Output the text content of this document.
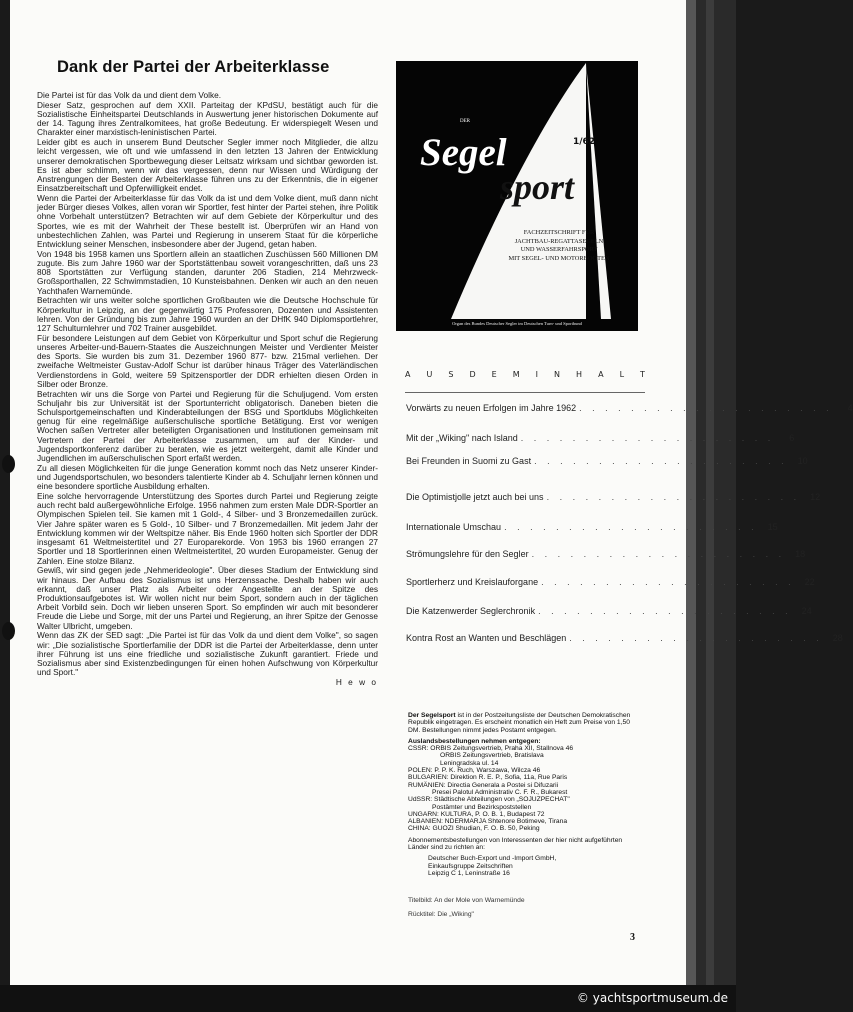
© yachtsportmuseum.de
Dank der Partei der Arbeiterklasse

Die Partei ist für das Volk da und dient dem Volke.

Dieser Satz, gesprochen auf dem XXII. Parteitag der KPdSU, bestätigt auch für die Sozialistische Einheitspartei Deutschlands in Auswertung jener historischen Dokumente auf der 14. Tagung ihres Zentralkomitees, hat große Bedeutung. Er widerspiegelt Wesen und Charakter einer marxistisch-leninistischen Partei.

Leider gibt es auch in unserem Bund Deutscher Segler immer noch Mitglieder, die allzu leicht vergessen, wie oft und wie umfassend in den letzten 13 Jahren der Entwicklung unserer demokratischen Sportbewegung dieser Leitsatz wirksam und sichtbar geworden ist. Es ist aber schlimm, wenn wir das vergessen, denn nur Wissen und Würdigung der Anstrengungen der Besten der Arbeiterklasse führen uns zu der Erkenntnis, die in eigener Einsatzbereitschaft und Opferwilligkeit endet.

Wenn die Partei der Arbeiterklasse für das Volk da ist und dem Volke dient, muß dann nicht jeder Bürger dieses Volkes, allen voran wir Sportler, fest hinter der Partei stehen, ihre Politik ohne Vorbehalt unterstützen? Betrachten wir auf dem Gebiete der Körperkultur und des Sportes, wie es mit der Wahrheit der These bestellt ist. Überprüfen wir an Hand von unbestechlichen Zahlen, was Partei und Regierung in unserem Staat für die körperliche Entwicklung seiner Menschen, insbesondere aber der Jugend, getan haben.

Von 1948 bis 1958 kamen uns Sportlern allein an staatlichen Zuschüssen 560 Millionen DM zugute. Bis zum Jahre 1960 war der Sportstättenbau soweit vorangeschritten, daß uns 23 808 Sportstätten zur Verfügung standen, darunter 206 Stadien, 214 Mehrzweck-Großsporthallen, 22 Schwimmstadien, 10 Kunsteisbahnen. Denken wir auch an den neuen Yachthafen Warnemünde.

Betrachten wir uns weiter solche sportlichen Großbauten wie die Deutsche Hochschule für Körperkultur in Leipzig, an der gegenwärtig 175 Professoren, Dozenten und Assistenten lehren. Von der Gründung bis zum Jahre 1960 wurden an der DHfK 940 Diplomsportlehrer, 127 Schulturnlehrer und 702 Trainer ausgebildet.

Für besondere Leistungen auf dem Gebiet von Körperkultur und Sport schuf die Regierung unseres Arbeiter-und-Bauern-Staates die Auszeichnungen Meister und Verdienter Meister des Sports. Sie wurden bis zum 31. Dezember 1960 877- bzw. 215mal verliehen. Der zweifache Weltmeister Gustav-Adolf Schur ist darüber hinaus Träger des Vaterländischen Verdienstordens in Gold, weitere 59 Spitzensportler der DDR erhielten diesen Orden in Silber oder Bronze.

Betrachten wir uns die Sorge von Partei und Regierung für die Schuljugend. Vom ersten Schuljahr bis zur Universität ist der Sportunterricht obligatorisch. Daneben bieten die Schulsportgemeinschaften und Kinderabteilungen der BSG und Sportklubs Möglichkeiten genug für eine regelmäßige außerschulische sportliche Betätigung. Erst vor wenigen Wochen saßen Vertreter aller beteiligten Organisationen und Institutionen gemeinsam mit Vertretern der Partei der Arbeiterklasse zusammen, um auf der Kinder- und Jugendsportkonferenz darüber zu beraten, wie es jetzt weitergeht, damit alle Kinder und Jugendlichen im außerschulischen Sport erfaßt werden.

Zu all diesen Möglichkeiten für die junge Generation kommt noch das Netz unserer Kinder- und Jugendsportschulen, wo besonders talentierte Kinder ab 4. Schuljahr lernen können und eine besondere sportliche Ausbildung erhalten.

Eine solche hervorragende Unterstützung des Sportes durch Partei und Regierung zeigte auch recht bald außergewöhnliche Erfolge. 1956 nahmen zum ersten Male DDR-Sportler an Olympischen Spielen teil. Sie kamen mit 1 Gold-, 4 Silber- und 3 Bronzemedaillen zurück. Vier Jahre später waren es 5 Gold-, 10 Silber- und 7 Bronzemedaillen. Mit jedem Jahr der Entwicklung kommen wir der Weltspitze näher. Bis Ende 1960 holten sich Sportler der DDR insgesamt 61 Weltmeistertitel und 27 Europarekorde. Von 1953 bis 1960 errangen 27 Sportler und 18 Sportlerinnen einen Weltmeistertitel, 20 wurden Europameister. Genug der Zahlen. Eine stolze Bilanz.

Gewiß, wir sind gegen jede „Nehmerideologie". Über dieses Stadium der Entwicklung sind wir hinaus. Der Aufbau des Sozialismus ist uns Herzenssache. Deshalb haben wir auch erkannt, daß unser Platz als Arbeiter oder Angestellte an der Spitze des Produktionsaufgebotes ist. Wir wollen nicht nur beim Sport, sondern auch in der täglichen Arbeit Vorbild sein. Doch wir lieben unseren Sport. So empfinden wir auch mit besonderer Freude die Liebe und Sorge, mit der uns Partei und Regierung, an ihrer Spitze der Genosse Walter Ulbricht, umgeben.

Wenn das ZK der SED sagt: „Die Partei ist für das Volk da und dient dem Volke", so sagen wir: „Die sozialistische Sportlerfamilie der DDR ist die Partei der Arbeiterklasse, denn unter ihrer Führung ist uns eine friedliche und sozialistische Zukunft garantiert. Friede und Sozialismus aber sind Existenzbedingungen für einen hohen Aufschwung von Körperkultur und Sport."

H e w o

DER
Segel
sport
1/62
FACHZEITSCHRIFT FÜR
JACHTBAU-REGATTASEGELN
UND WASSERFAHRSPORT
MIT SEGEL- UND MOTORBOOTEN
Organ des Bundes Deutscher Segler im Deutschen Turn- und Sportbund
A U S D E M I N H A L T
Vorwärts zu neuen Erfolgen im Jahre 1962 . . . . . . . . . . . . . . . . . . . .	4
Mit der „Wiking" nach Island . . . . . . . . . . . . . . . . . . . .	6
Bei Freunden in Suomi zu Gast . . . . . . . . . . . . . . . . . . . .	10
Die Optimistjolle jetzt auch bei uns . . . . . . . . . . . . . . . . . . . .	12
Internationale Umschau . . . . . . . . . . . . . . . . . . . .	15
Strömungslehre für den Segler . . . . . . . . . . . . . . . . . . . .	18
Sportlerherz und Kreislauforgane . . . . . . . . . . . . . . . . . . . .	22
Die Katzenwerder Seglerchronik . . . . . . . . . . . . . . . . . . . .	24
Kontra Rost an Wanten und Beschlägen . . . . . . . . . . . . . . . . . . . .	28

Der Segelsport ist in der Postzeitungsliste der Deutschen Demokratischen Republik eingetragen. Es erscheint monatlich ein Heft zum Preise von 1,50 DM. Bestellungen nimmt jedes Postamt entgegen.

Auslandsbestellungen nehmen entgegen:

CSSR: ORBIS Zeitungsvertrieb, Praha XII, Stallnova 46

ORBIS Zeitungsvertrieb, Bratislava

Leningradska ul. 14

POLEN: P. P. K. Ruch, Warszawa, Wilcza 46

BULGARIEN: Direktion R. E. P., Sofia, 11a, Rue Paris

RUMÄNIEN: Directia Generala a Postei si Difuzarii

Presei Palotul Administrativ C. F. R., Bukarest

UdSSR: Städtische Abteilungen von „SOJUZPECHAT"

Postämter und Bezirkspoststellen

UNGARN: KULTURA, P. O. B. 1, Budapest 72

ALBANIEN: NDERMARJA Shtenore Botimeve, Tirana

CHINA: GUOZI Shudian, F. O. B. 50, Peking

Abonnementsbestellungen von Interessenten der hier nicht aufgeführten Länder sind zu richten an:

Deutscher Buch-Export und -Import GmbH,

Einkaufsgruppe Zeitschriften

Leipzig C 1, Leninstraße 16

Titelbild: An der Mole von Warnemünde
Rücktitel: Die „Wiking"
3
